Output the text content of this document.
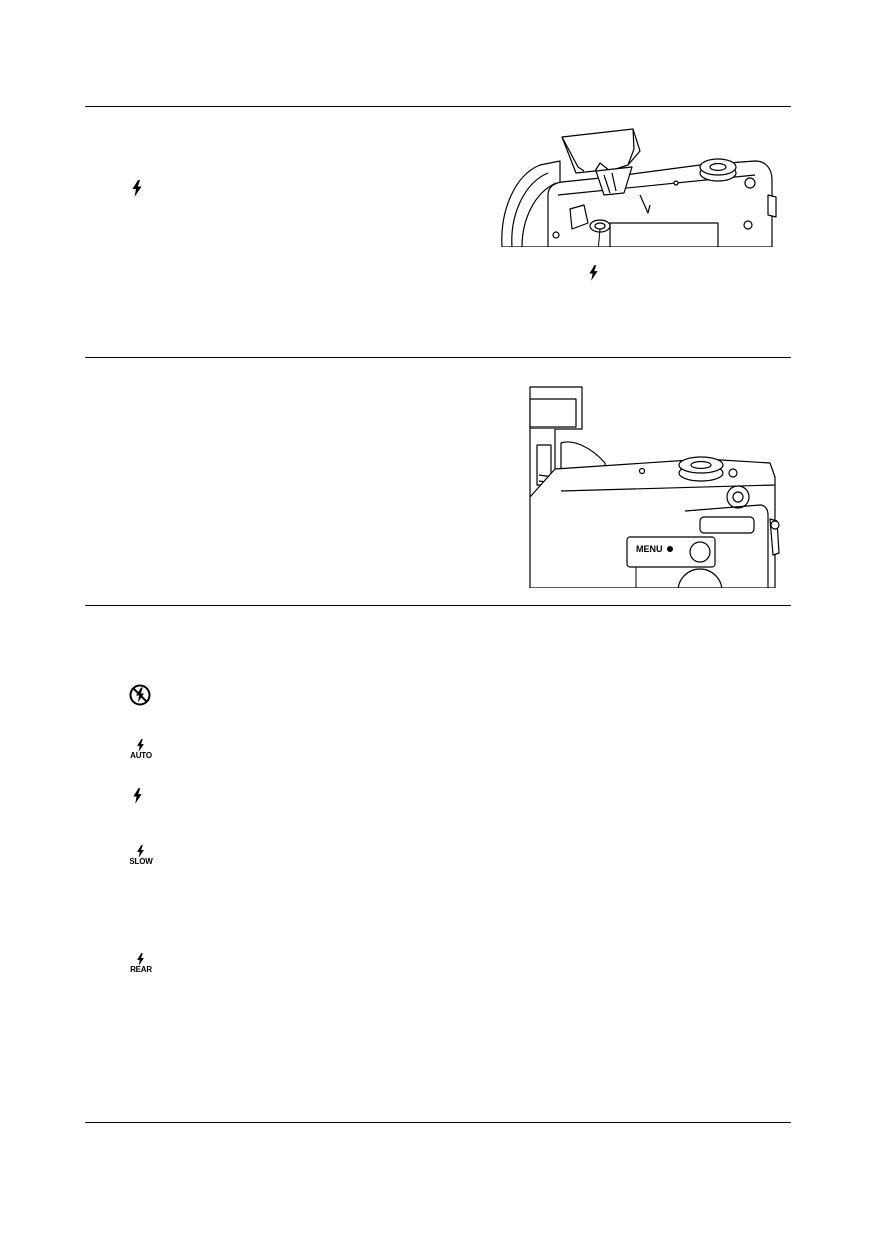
MENU
AUTO
SLOW
REAR
